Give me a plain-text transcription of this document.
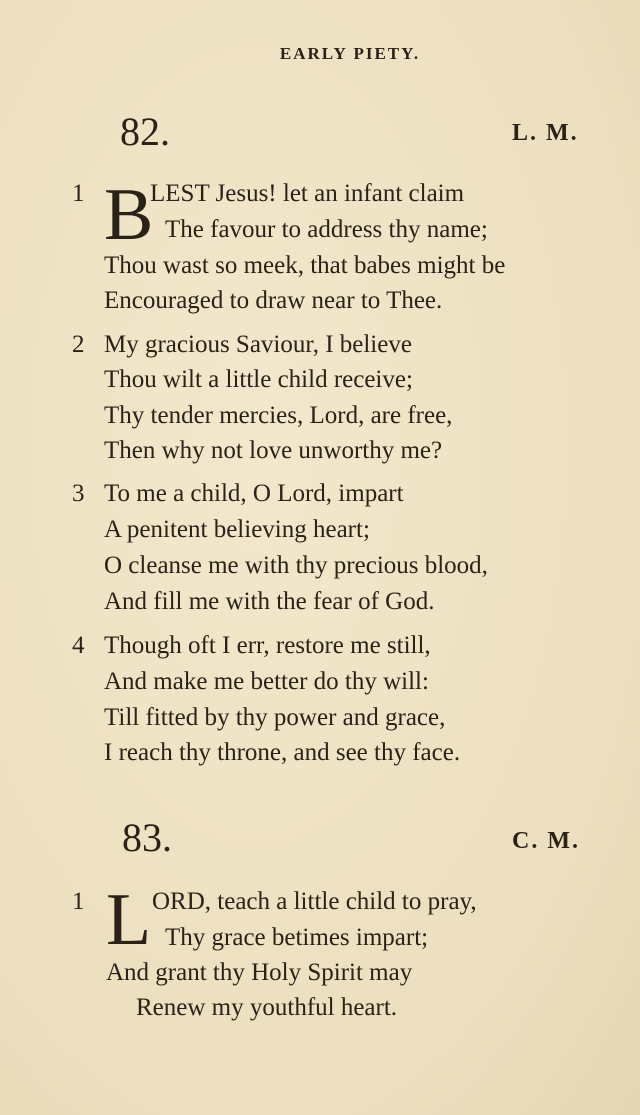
EARLY PIETY.
82.	L. M.
1 B
LEST Jesus! let an infant claim
The favour to address thy name;
Thou wast so meek, that babes might be
Encouraged to draw near to Thee.
2 My gracious Saviour, I believe
Thou wilt a little child receive;
Thy tender mercies, Lord, are free,
Then why not love unworthy me?
3 To me a child, O Lord, impart
A penitent believing heart;
O cleanse me with thy precious blood,
And fill me with the fear of God.
4 Though oft I err, restore me still,
And make me better do thy will:
Till fitted by thy power and grace,
I reach thy throne, and see thy face.
83.	C. M.
1 L ORD, teach a little child to pray,
Thy grace betimes impart;
And grant thy Holy Spirit may
Renew my youthful heart.
